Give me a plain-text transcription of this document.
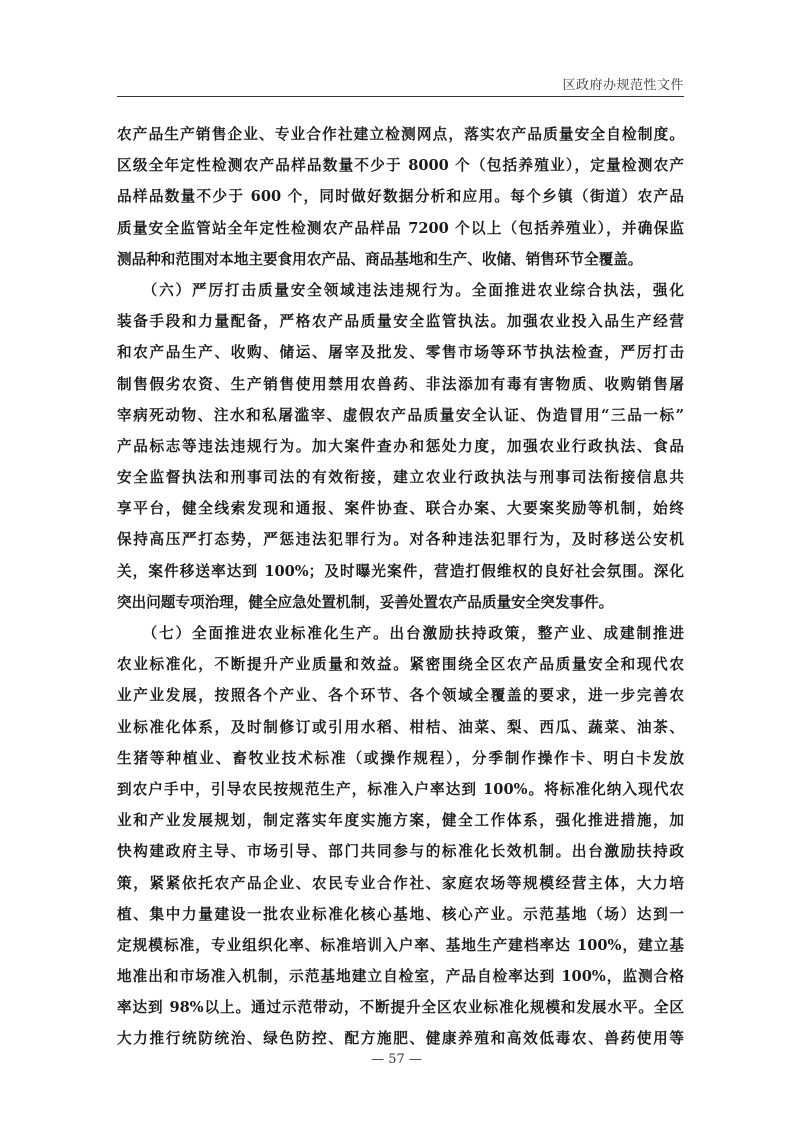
区政府办规范性文件
农产品生产销售企业、专业合作社建立检测网点，落实农产品质量安全自检制度。
区级全年定性检测农产品样品数量不少于 8000 个（包括养殖业），定量检测农产
品样品数量不少于 600 个，同时做好数据分析和应用。每个乡镇（街道）农产品
质量安全监管站全年定性检测农产品样品 7200 个以上（包括养殖业），并确保监
测品种和范围对本地主要食用农产品、商品基地和生产、收储、销售环节全覆盖。
　　（六）严厉打击质量安全领域违法违规行为。全面推进农业综合执法，强化
装备手段和力量配备，严格农产品质量安全监管执法。加强农业投入品生产经营
和农产品生产、收购、储运、屠宰及批发、零售市场等环节执法检查，严厉打击
制售假劣农资、生产销售使用禁用农兽药、非法添加有毒有害物质、收购销售屠
宰病死动物、注水和私屠滥宰、虚假农产品质量安全认证、伪造冒用“三品一标”
产品标志等违法违规行为。加大案件查办和惩处力度，加强农业行政执法、食品
安全监督执法和刑事司法的有效衔接，建立农业行政执法与刑事司法衔接信息共
享平台，健全线索发现和通报、案件协查、联合办案、大要案奖励等机制，始终
保持高压严打态势，严惩违法犯罪行为。对各种违法犯罪行为，及时移送公安机
关，案件移送率达到 100%；及时曝光案件，营造打假维权的良好社会氛围。深化
突出问题专项治理，健全应急处置机制，妥善处置农产品质量安全突发事件。
　　（七）全面推进农业标准化生产。出台激励扶持政策，整产业、成建制推进
农业标准化，不断提升产业质量和效益。紧密围绕全区农产品质量安全和现代农
业产业发展，按照各个产业、各个环节、各个领域全覆盖的要求，进一步完善农
业标准化体系，及时制修订或引用水稻、柑桔、油菜、梨、西瓜、蔬菜、油茶、
生猪等种植业、畜牧业技术标准（或操作规程），分季制作操作卡、明白卡发放
到农户手中，引导农民按规范生产，标准入户率达到 100%。将标准化纳入现代农
业和产业发展规划，制定落实年度实施方案，健全工作体系，强化推进措施，加
快构建政府主导、市场引导、部门共同参与的标准化长效机制。出台激励扶持政
策，紧紧依托农产品企业、农民专业合作社、家庭农场等规模经营主体，大力培
植、集中力量建设一批农业标准化核心基地、核心产业。示范基地（场）达到一
定规模标准，专业组织化率、标准培训入户率、基地生产建档率达 100%，建立基
地准出和市场准入机制，示范基地建立自检室，产品自检率达到 100%，监测合格
率达到 98%以上。通过示范带动，不断提升全区农业标准化规模和发展水平。全区
大力推行统防统治、绿色防控、配方施肥、健康养殖和高效低毒农、兽药使用等
— 57 —
